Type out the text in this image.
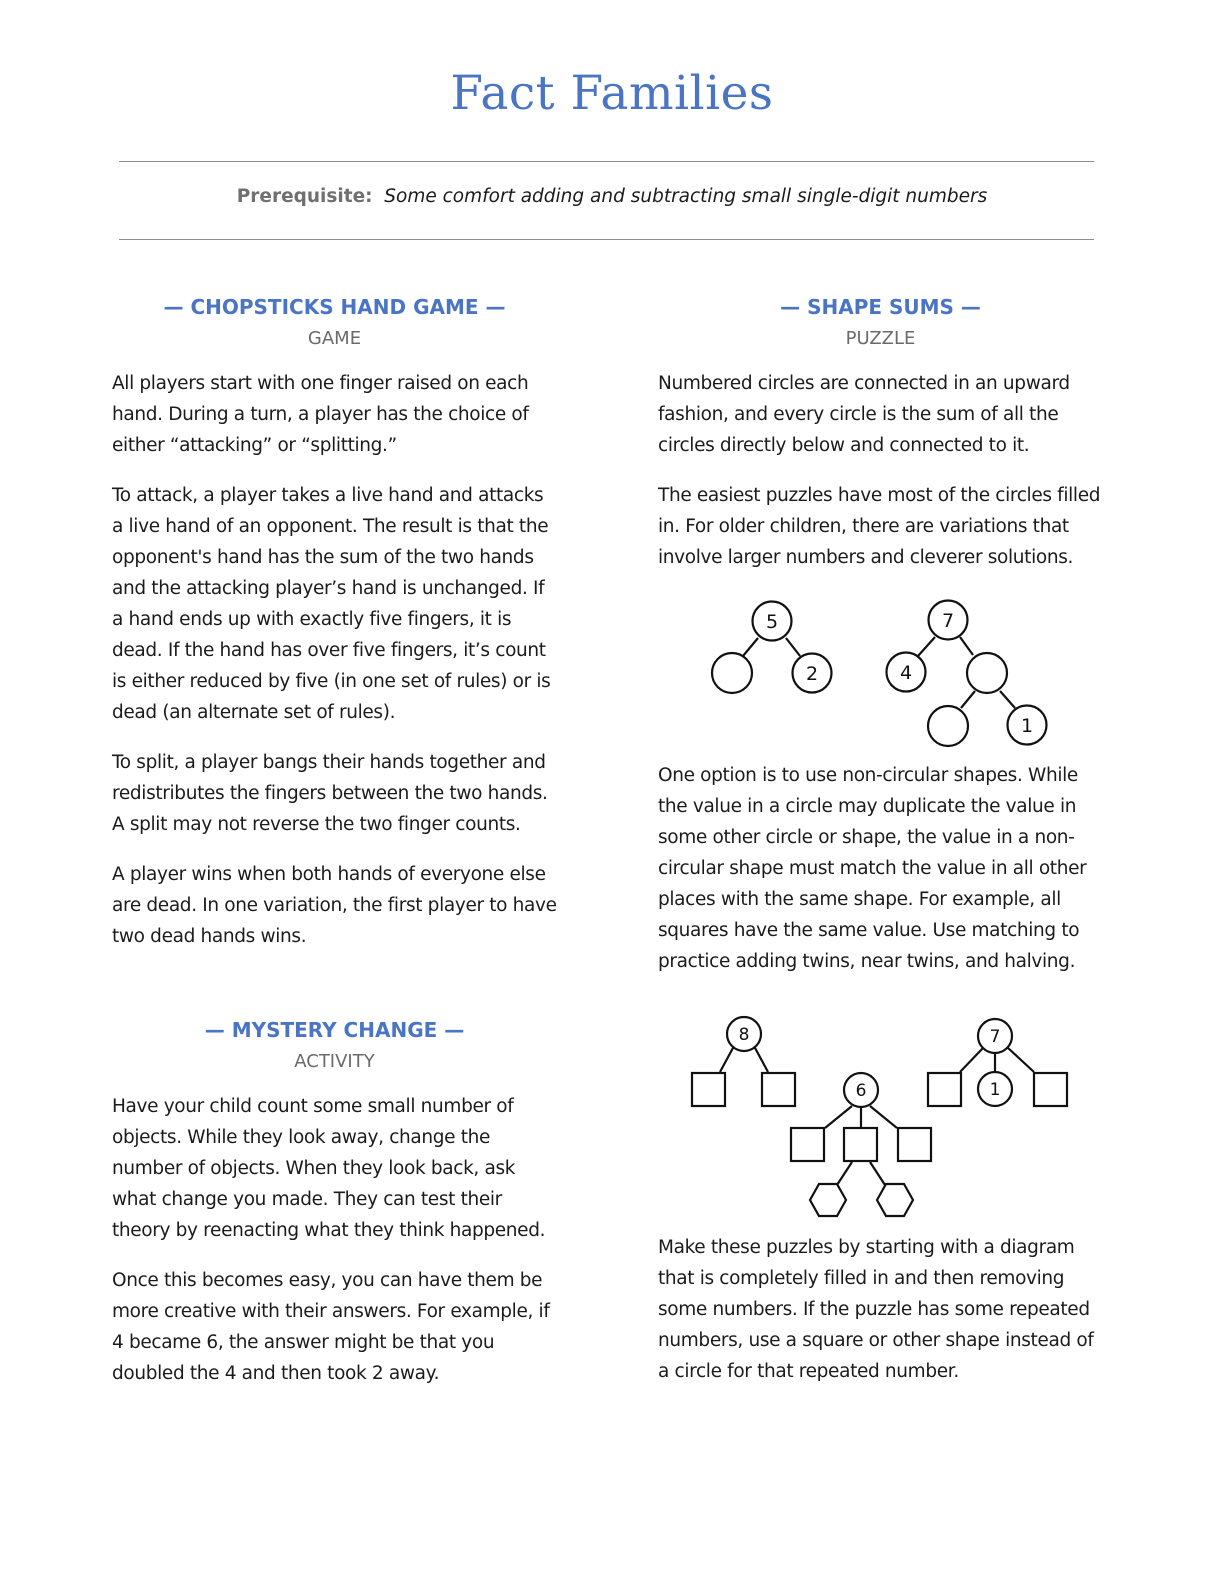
Fact Families
Prerequisite: Some comfort adding and subtracting small single-digit numbers
— CHOPSTICKS HAND GAME —
GAME

All players start with one finger raised on each hand. During a turn, a player has the choice of either “attacking” or “splitting.”

To attack, a player takes a live hand and attacks a live hand of an opponent. The result is that the opponent's hand has the sum of the two hands and the attacking player’s hand is unchanged. If a hand ends up with exactly five fingers, it is dead. If the hand has over five fingers, it’s count is either reduced by five (in one set of rules) or is dead (an alternate set of rules).

To split, a player bangs their hands together and redistributes the fingers between the two hands. A split may not reverse the two finger counts.

A player wins when both hands of everyone else are dead. In one variation, the first player to have two dead hands wins.

— MYSTERY CHANGE —
ACTIVITY

Have your child count some small number of objects. While they look away, change the number of objects. When they look back, ask what change you made. They can test their theory by reenacting what they think happened.

Once this becomes easy, you can have them be more creative with their answers. For example, if 4 became 6, the answer might be that you doubled the 4 and then took 2 away.

— SHAPE SUMS —
PUZZLE

Numbered circles are connected in an upward fashion, and every circle is the sum of all the circles directly below and connected to it.

The easiest puzzles have most of the circles filled in. For older children, there are variations that involve larger numbers and cleverer solutions.

5
2
7
4
1

One option is to use non-circular shapes. While the value in a circle may duplicate the value in some other circle or shape, the value in a non-circular shape must match the value in all other places with the same shape. For example, all squares have the same value. Use matching to practice adding twins, near twins, and halving.

8
6
7
1

Make these puzzles by starting with a diagram that is completely filled in and then removing some numbers. If the puzzle has some repeated numbers, use a square or other shape instead of a circle for that repeated number.
